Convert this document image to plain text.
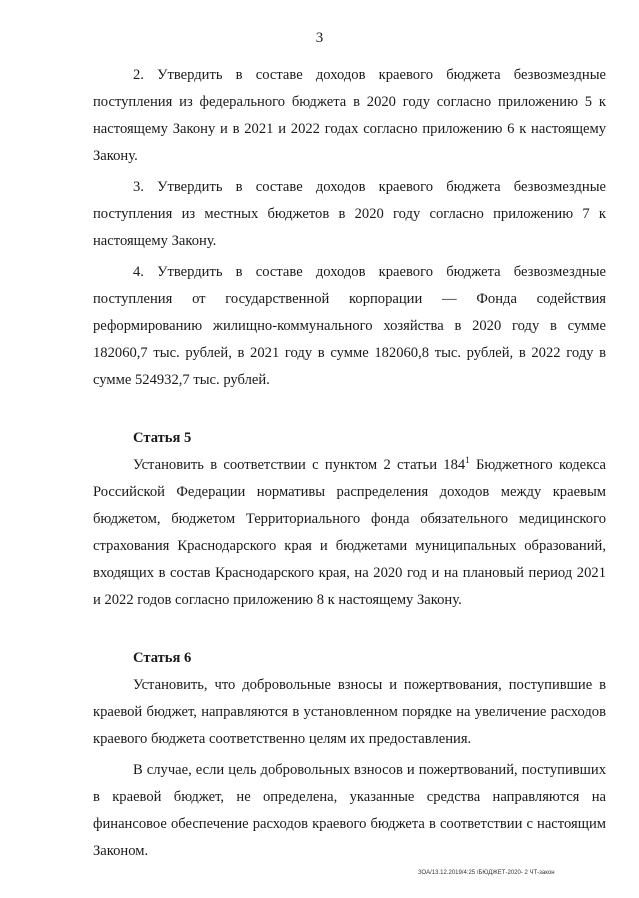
3

2. Утвердить в составе доходов краевого бюджета безвозмездные поступления из федерального бюджета в 2020 году согласно приложению 5 к настоящему Закону и в 2021 и 2022 годах согласно приложению 6 к настоящему Закону.

3. Утвердить в составе доходов краевого бюджета безвозмездные поступления из местных бюджетов в 2020 году согласно приложению 7 к настоящему Закону.

4. Утвердить в составе доходов краевого бюджета безвозмездные поступления от государственной корпорации — Фонда содействия реформированию жилищно-коммунального хозяйства в 2020 году в сумме 182060,7 тыс. рублей, в 2021 году в сумме 182060,8 тыс. рублей, в 2022 году в сумме 524932,7 тыс. рублей.

Статья 5

Установить в соответствии с пунктом 2 статьи $184^1$ Бюджетного кодекса Российской Федерации нормативы распределения доходов между краевым бюджетом, бюджетом Территориального фонда обязательного медицинского страхования Краснодарского края и бюджетами муниципальных образований, входящих в состав Краснодарского края, на 2020 год и на плановый период 2021 и 2022 годов согласно приложению 8 к настоящему Закону.

Статья 6

Установить, что добровольные взносы и пожертвования, поступившие в краевой бюджет, направляются в установленном порядке на увеличение расходов краевого бюджета соответственно целям их предоставления.

В случае, если цель добровольных взносов и пожертвований, поступивших в краевой бюджет, не определена, указанные средства направляются на финансовое обеспечение расходов краевого бюджета в соответствии с настоящим Законом.

ЗОА/13.12.2019/4:25 /БЮДЖЕТ-2020- 2 ЧТ-закон
